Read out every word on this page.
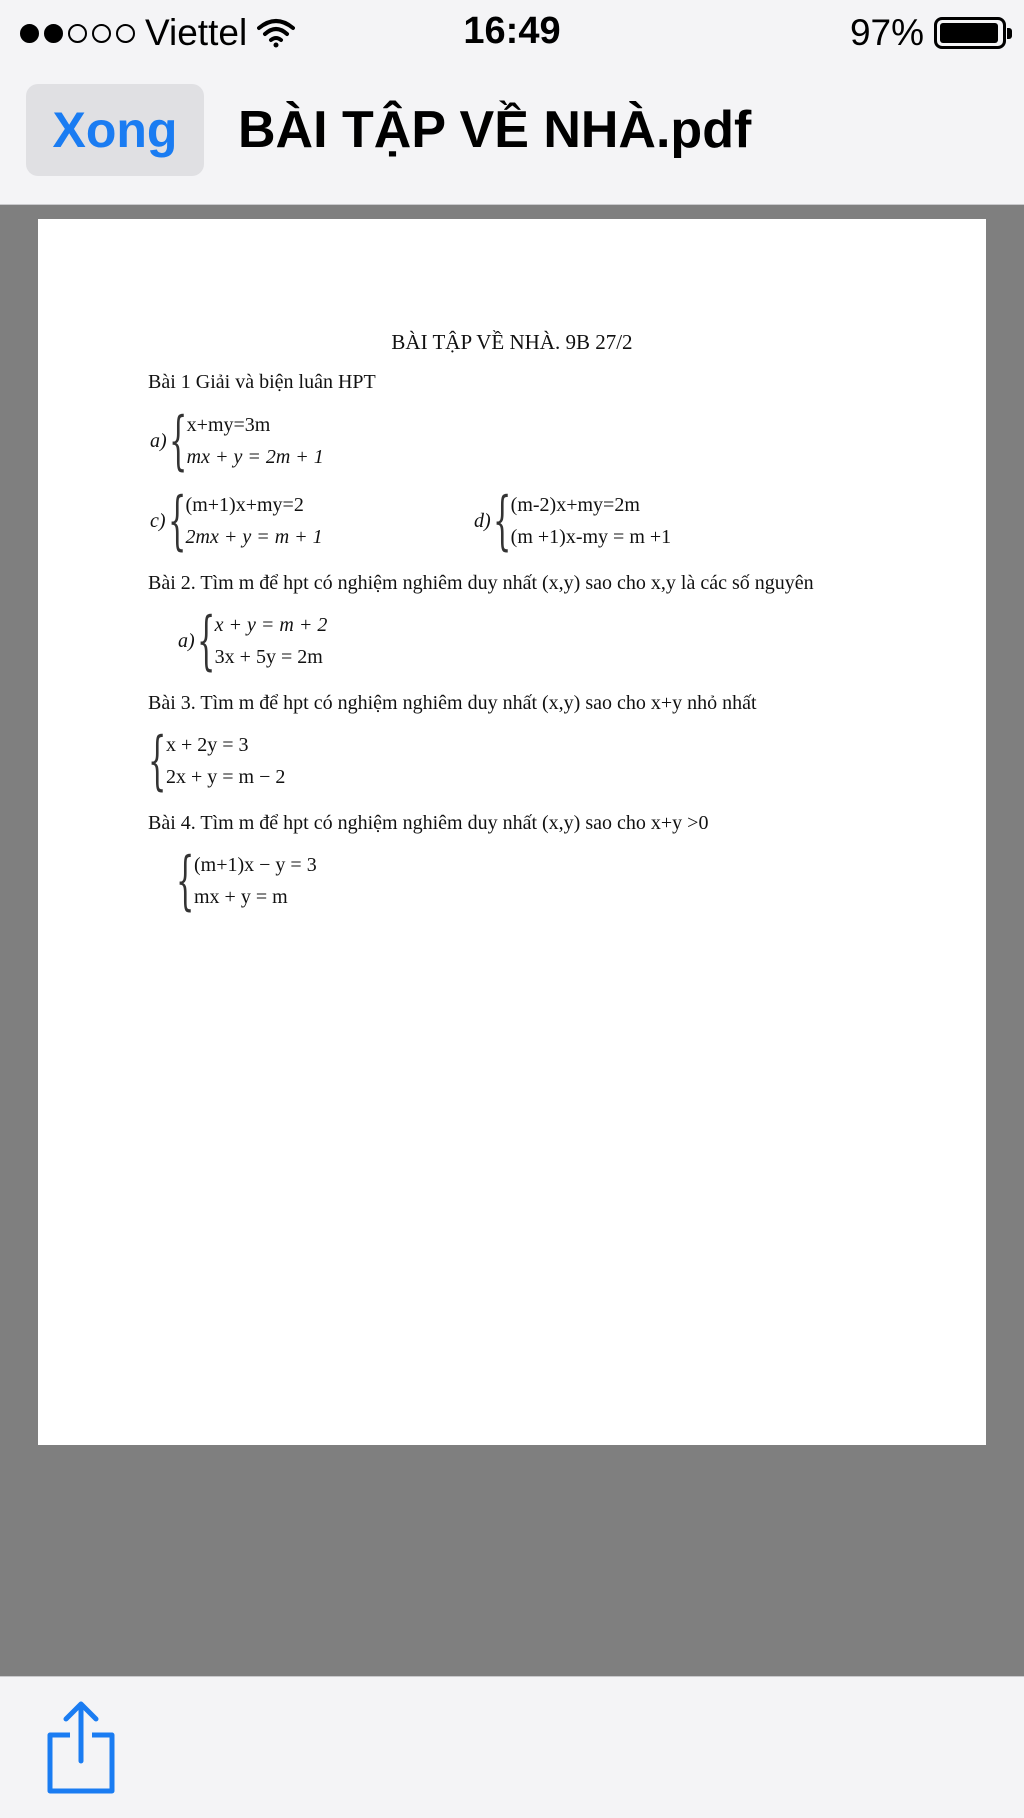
Viettel	16:49	97%
Xong	BÀI TẬP VỀ NHÀ.pdf
BÀI TẬP VỀ NHÀ. 9B 27/2
Bài 1 Giải và biện luân HPT
a) { x+my=3m
mx + y = 2m + 1
c) { (m+1)x+my=2
2mx + y = m + 1
d) { (m-2)x+my=2m
(m +1)x-my = m +1
Bài 2. Tìm m để hpt có nghiệm nghiêm duy nhất (x,y) sao cho x,y là các số nguyên
a) { x + y = m + 2
3x + 5y = 2m
Bài 3. Tìm m để hpt có nghiệm nghiêm duy nhất (x,y) sao cho x+y nhỏ nhất
{ x + 2y = 3
2x + y = m − 2
Bài 4. Tìm m để hpt có nghiệm nghiêm duy nhất (x,y) sao cho x+y >0
{ (m+1)x − y = 3
mx + y = m
